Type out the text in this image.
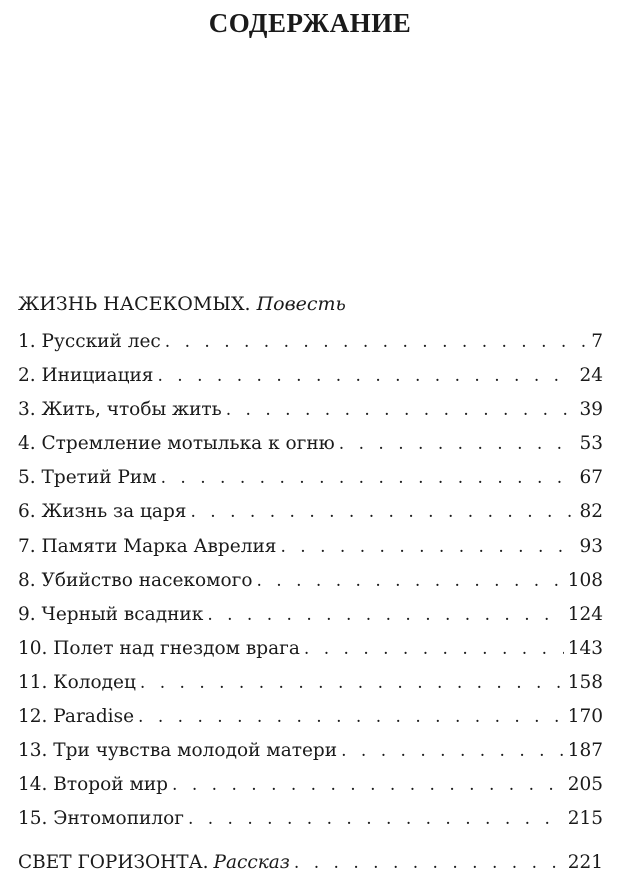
СОДЕРЖАНИЕ
ЖИЗНЬ НАСЕКОМЫХ. Повесть
1. Русский лес . . .	7
2. Инициация . . .	24
3. Жить, чтобы жить . . .	39
4. Стремление мотылька к огню . . .	53
5. Третий Рим . . .	67
6. Жизнь за царя . . .	82
7. Памяти Марка Аврелия . . .	93
8. Убийство насекомого . . .	108
9. Черный всадник . . .	124
10. Полет над гнездом врага . . .	143
11. Колодец . . .	158
12. Paradise . . .	170
13. Три чувства молодой матери . . .	187
14. Второй мир . . .	205
15. Энтомопилог . . .	215
СВЕТ ГОРИЗОНТА. Рассказ . . .	221
